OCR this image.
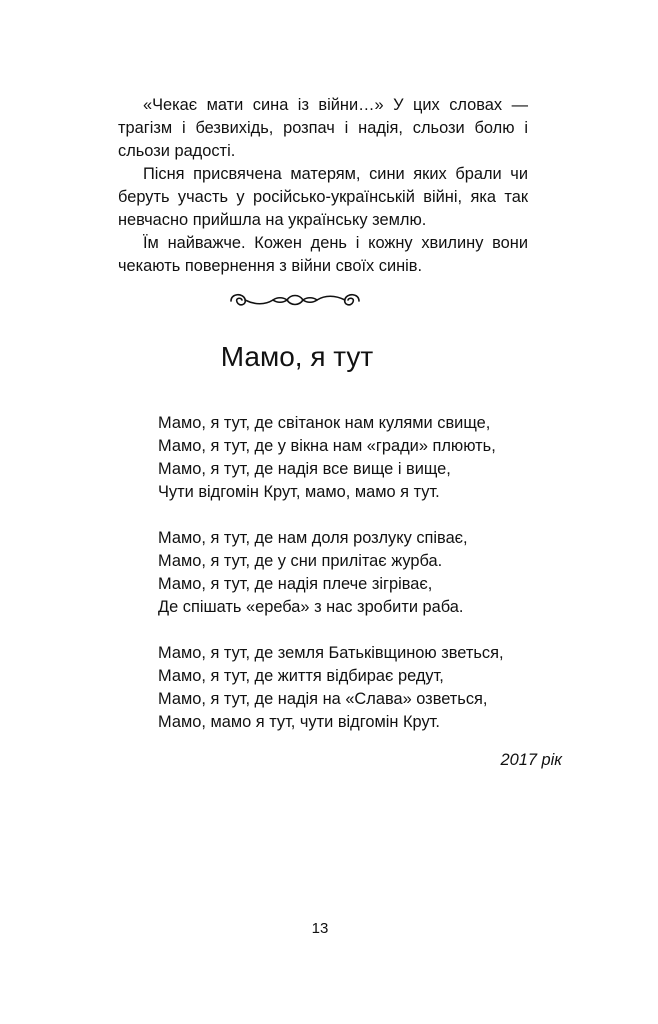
«Чекає мати сина із війни…» У цих словах — трагізм і безвихідь, розпач і надія, сльози болю і сльози радості.

Пісня присвячена матерям, сини яких брали чи беруть участь у російсько-українській війні, яка так невчасно прийшла на українську землю.

Їм найважче. Кожен день і кожну хвилину вони чекають повернення з війни своїх синів.

Мамо, я тут
Мамо, я тут, де світанок нам кулями свище,
Мамо, я тут, де у вікна нам «гради» плюють,
Мамо, я тут, де надія все вище і вище,
Чути відгомін Крут, мамо, мамо я тут.
Мамо, я тут, де нам доля розлуку співає,
Мамо, я тут, де у сни прилітає журба.
Мамо, я тут, де надія плече зігріває,
Де спішать «ереба» з нас зробити раба.
Мамо, я тут, де земля Батьківщиною зветься,
Мамо, я тут, де життя відбирає редут,
Мамо, я тут, де надія на «Слава» озветься,
Мамо, мамо я тут, чути відгомін Крут.
2017 рік
13
